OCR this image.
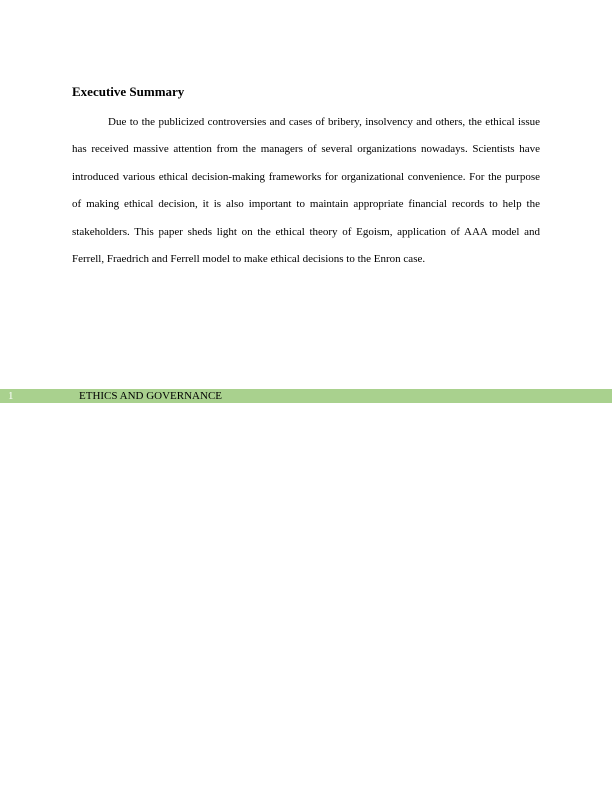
Executive Summary

Due to the publicized controversies and cases of bribery, insolvency and others, the ethical issue has received massive attention from the managers of several organizations nowadays. Scientists have introduced various ethical decision-making frameworks for organizational convenience. For the purpose of making ethical decision, it is also important to maintain appropriate financial records to help the stakeholders. This paper sheds light on the ethical theory of Egoism, application of AAA model and Ferrell, Fraedrich and Ferrell model to make ethical decisions to the Enron case.

1	ETHICS AND GOVERNANCE
